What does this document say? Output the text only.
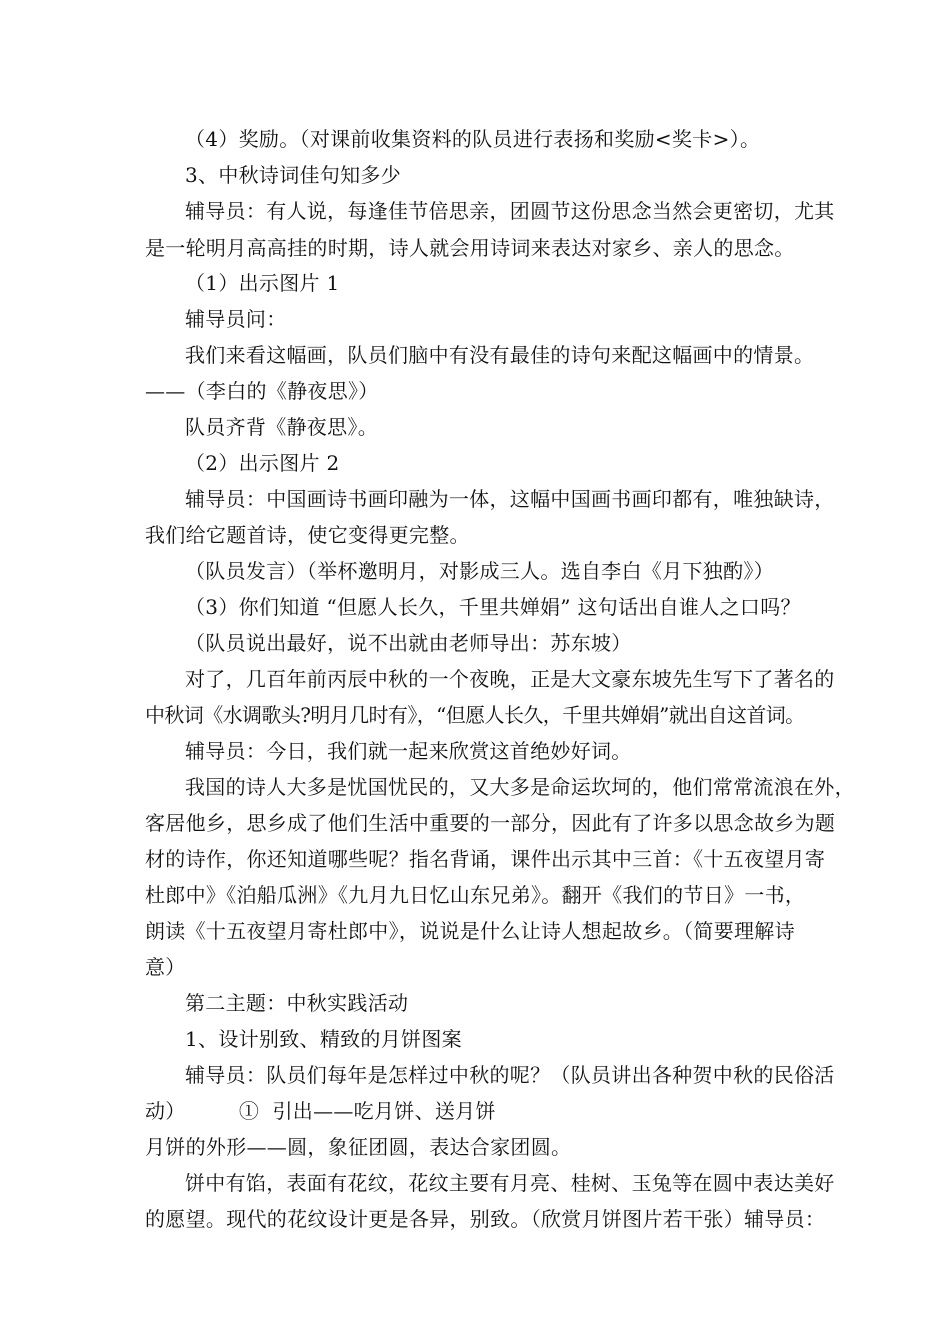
（4）奖励。（对课前收集资料的队员进行表扬和奖励<奖卡>）。
3、中秋诗词佳句知多少
辅导员：有人说，每逢佳节倍思亲，团圆节这份思念当然会更密切，尤其
是一轮明月高高挂的时期，诗人就会用诗词来表达对家乡、亲人的思念。
（1）出示图片 1
辅导员问：
我们来看这幅画，队员们脑中有没有最佳的诗句来配这幅画中的情景。
——（李白的《静夜思》）
队员齐背《静夜思》。
（2）出示图片 2
辅导员：中国画诗书画印融为一体，这幅中国画书画印都有，唯独缺诗，
我们给它题首诗，使它变得更完整。
（队员发言）（举杯邀明月，对影成三人。选自李白《月下独酌》）
（3）你们知道 “但愿人长久，千里共婵娟” 这句话出自谁人之口吗？
（队员说出最好，说不出就由老师导出：苏东坡）
对了，几百年前丙辰中秋的一个夜晚，正是大文豪东坡先生写下了著名的
中秋词《水调歌头?明月几时有》，“但愿人长久，千里共婵娟”就出自这首词。
辅导员：今日，我们就一起来欣赏这首绝妙好词。
我国的诗人大多是忧国忧民的，又大多是命运坎坷的，他们常常流浪在外，
客居他乡，思乡成了他们生活中重要的一部分，因此有了许多以思念故乡为题
材的诗作，你还知道哪些呢？指名背诵，课件出示其中三首：《十五夜望月寄
杜郎中》《泊船瓜洲》《九月九日忆山东兄弟》。翻开《我们的节日》一书，
朗读《十五夜望月寄杜郎中》，说说是什么让诗人想起故乡。（简要理解诗
意）
第二主题：中秋实践活动
1、设计别致、精致的月饼图案
辅导员：队员们每年是怎样过中秋的呢？（队员讲出各种贺中秋的民俗活
动）        ①  引出——吃月饼、送月饼
月饼的外形——圆，象征团圆，表达合家团圆。
饼中有馅，表面有花纹，花纹主要有月亮、桂树、玉兔等在圆中表达美好
的愿望。现代的花纹设计更是各异，别致。（欣赏月饼图片若干张）辅导员：
